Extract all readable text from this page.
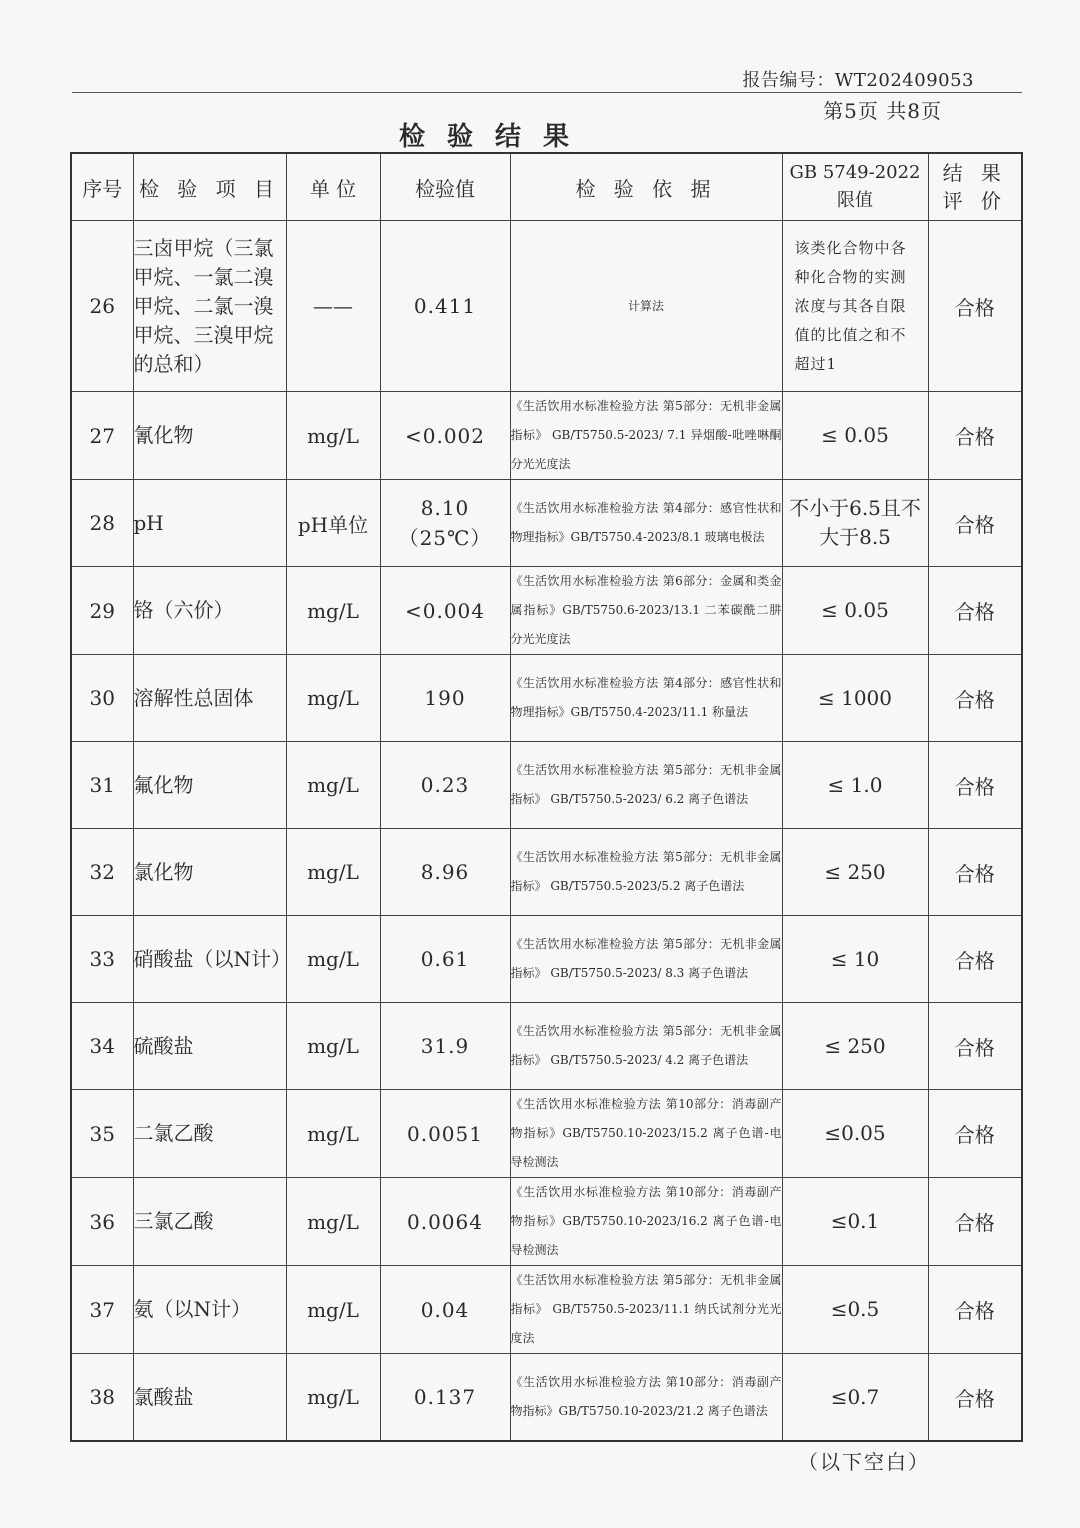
报告编号：WT202409053
第5页 共8页
检验结果
序号	检 验 项 目	单 位	检验值	检 验 依 据	GB 5749-2022 限值	结 果 评 价
26	三卤甲烷（三氯甲烷、一氯二溴甲烷、二氯一溴甲烷、三溴甲烷的总和）	——	0.411	计算法	该类化合物中各种化合物的实测浓度与其各自限值的比值之和不超过1	合格
27	氰化物	mg/L	<0.002	《生活饮用水标准检验方法 第5部分：无机非金属指标》 GB/T5750.5-2023/ 7.1 异烟酸-吡唑啉酮分光光度法	≤ 0.05	合格
28	pH	pH单位	8.10（25℃）	《生活饮用水标准检验方法 第4部分：感官性状和物理指标》GB/T5750.4-2023/8.1 玻璃电极法	不小于6.5且不大于8.5	合格
29	铬（六价）	mg/L	<0.004	《生活饮用水标准检验方法 第6部分：金属和类金属指标》GB/T5750.6-2023/13.1 二苯碳酰二肼分光光度法	≤ 0.05	合格
30	溶解性总固体	mg/L	190	《生活饮用水标准检验方法 第4部分：感官性状和物理指标》GB/T5750.4-2023/11.1 称量法	≤ 1000	合格
31	氟化物	mg/L	0.23	《生活饮用水标准检验方法 第5部分：无机非金属指标》 GB/T5750.5-2023/ 6.2 离子色谱法	≤ 1.0	合格
32	氯化物	mg/L	8.96	《生活饮用水标准检验方法 第5部分：无机非金属指标》 GB/T5750.5-2023/5.2 离子色谱法	≤ 250	合格
33	硝酸盐（以N计）	mg/L	0.61	《生活饮用水标准检验方法 第5部分：无机非金属指标》 GB/T5750.5-2023/ 8.3 离子色谱法	≤ 10	合格
34	硫酸盐	mg/L	31.9	《生活饮用水标准检验方法 第5部分：无机非金属指标》 GB/T5750.5-2023/ 4.2 离子色谱法	≤ 250	合格
35	二氯乙酸	mg/L	0.0051	《生活饮用水标准检验方法 第10部分：消毒副产物指标》GB/T5750.10-2023/15.2 离子色谱-电导检测法	≤0.05	合格
36	三氯乙酸	mg/L	0.0064	《生活饮用水标准检验方法 第10部分：消毒副产物指标》GB/T5750.10-2023/16.2 离子色谱-电导检测法	≤0.1	合格
37	氨（以N计）	mg/L	0.04	《生活饮用水标准检验方法 第5部分：无机非金属指标》 GB/T5750.5-2023/11.1 纳氏试剂分光光度法	≤0.5	合格
38	氯酸盐	mg/L	0.137	《生活饮用水标准检验方法 第10部分：消毒副产物指标》GB/T5750.10-2023/21.2 离子色谱法	≤0.7	合格
（以下空白）
